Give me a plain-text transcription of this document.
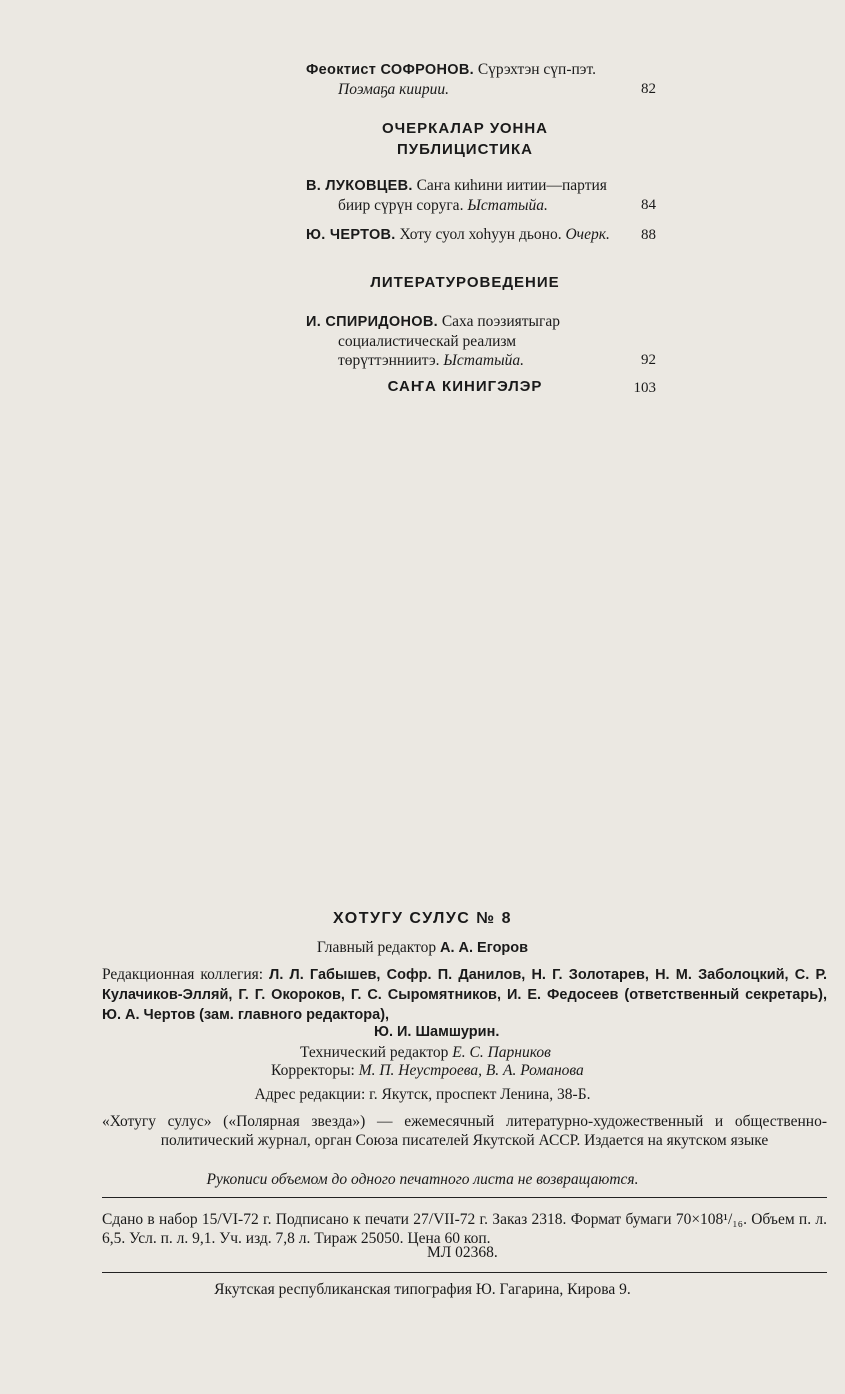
Феоктист СОФРОНОВ. Сүрэхтэн сүп-пэт. Поэмаҕа киирии.	82
ОЧЕРКАЛАР УОННА
ПУБЛИЦИСТИКА
В. ЛУКОВЦЕВ. Саҥа киһини иитии—партия биир сүрүн соруга. Ыстатыйа.	84
Ю. ЧЕРТОВ. Хоту суол хоһуун дьоно. Очерк.	88
ЛИТЕРАТУРОВЕДЕНИЕ
И. СПИРИДОНОВ. Саха поэзиятыгар социалистическай реализм төрүттэнниитэ. Ыстатыйа.	92
САҤА КИНИГЭЛЭР	103
ХОТУГУ СУЛУС № 8
Главный редактор А. А. Егоров
Редакционная коллегия: Л. Л. Габышев, Софр. П. Данилов, Н. Г. Золотарев, Н. М. Заболоцкий, С. Р. Кулачиков-Элляй, Г. Г. Окороков, Г. С. Сыромятников, И. Е. Федосеев (ответственный секретарь), Ю. А. Чертов (зам. главного редактора),
Ю. И. Шамшурин.
Технический редактор Е. С. Парников
Корректоры: М. П. Неустроева, В. А. Романова
Адрес редакции: г. Якутск, проспект Ленина, 38-Б.
«Хотугу сулус» («Полярная звезда») — ежемесячный литературно-художественный и общественно-политический журнал, орган Союза писателей Якутской АССР. Издается на якутском языке
Рукописи объемом до одного печатного листа не возвращаются.
Сдано в набор 15/VI-72 г. Подписано к печати 27/VII-72 г. Заказ 2318. Формат бумаги 70×108¹/₁₆. Объем п. л. 6,5. Усл. п. л. 9,1. Уч. изд. 7,8 л. Тираж 25050. Цена 60 коп.
МЛ 02368.
Якутская республиканская типография Ю. Гагарина, Кирова 9.
